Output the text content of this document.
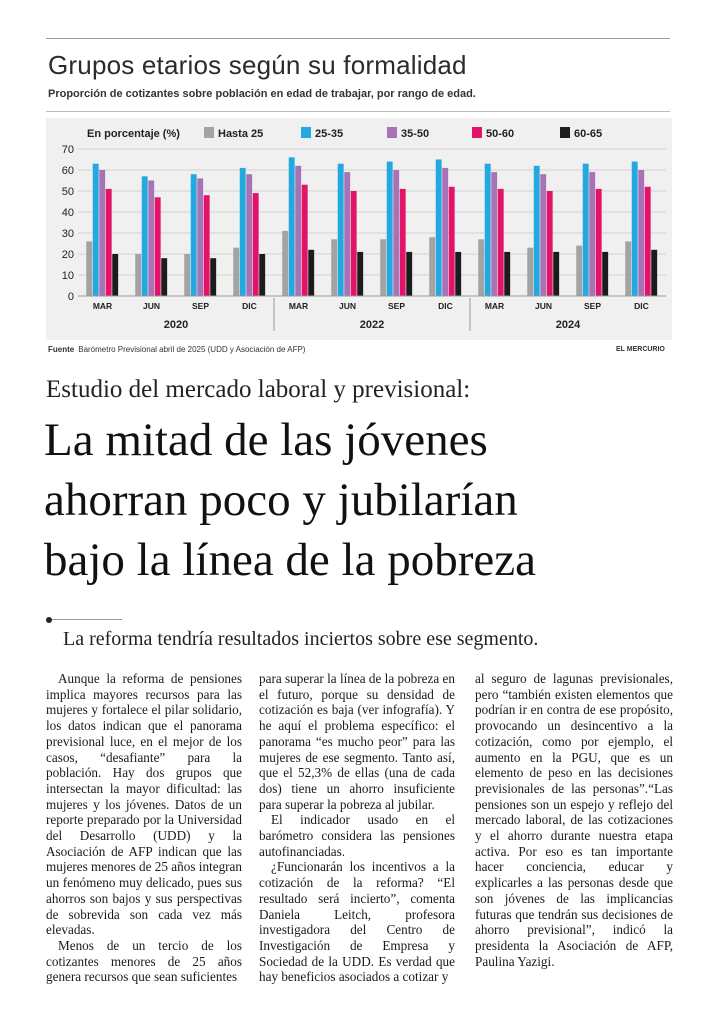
Grupos etarios según su formalidad
Proporción de cotizantes sobre población en edad de trabajar, por rango de edad.
En porcentaje (%)	Hasta 25	25-35	35-50	50-60	60-65
0
10
20
30
40
50
60
70
MAR	JUN	SEP	DIC	MAR	JUN	SEP	DIC	MAR	JUN	SEP	DIC
2020	2022	2024
Fuente Barómetro Previsional abril de 2025 (UDD y Asociación de AFP)	EL MERCURIO
Estudio del mercado laboral y previsional:
La mitad de las jóvenes
ahorran poco y jubilarían
bajo la línea de la pobreza
La reforma tendría resultados inciertos sobre ese segmento.

Aunque la reforma de pensiones implica mayores recursos para las mujeres y fortalece el pilar solidario, los datos indican que el panorama previsional luce, en el mejor de los casos, “desafiante” para la población. Hay dos grupos que intersectan la mayor dificultad: las mujeres y los jóvenes. Datos de un reporte preparado por la Universidad del Desarrollo (UDD) y la Asociación de AFP indican que las mujeres menores de 25 años integran un fenómeno muy delicado, pues sus ahorros son bajos y sus perspectivas de sobrevida son cada vez más elevadas.

Menos de un tercio de los cotizantes menores de 25 años genera recursos que sean suficientes

para superar la línea de la pobreza en el futuro, porque su densidad de cotización es baja (ver infografía). Y he aquí el problema específico: el panorama “es mucho peor” para las mujeres de ese segmento. Tanto así, que el 52,3% de ellas (una de cada dos) tiene un ahorro insuficiente para superar la pobreza al jubilar.

El indicador usado en el barómetro considera las pensiones autofinanciadas.

¿Funcionarán los incentivos a la cotización de la reforma? “El resultado será incierto”, comenta Daniela Leitch, profesora investigadora del Centro de Investigación de Empresa y Sociedad de la UDD. Es verdad que hay beneficios asociados a cotizar y

al seguro de lagunas previsionales, pero “también existen elementos que podrían ir en contra de ese propósito, provocando un desincentivo a la cotización, como por ejemplo, el aumento en la PGU, que es un elemento de peso en las decisiones previsionales de las personas”.“Las pensiones son un espejo y reflejo del mercado laboral, de las cotizaciones y el ahorro durante nuestra etapa activa. Por eso es tan importante hacer conciencia, educar y explicarles a las personas desde que son jóvenes de las implicancias futuras que tendrán sus decisiones de ahorro previsional”, indicó la presidenta la Asociación de AFP, Paulina Yazigi.
